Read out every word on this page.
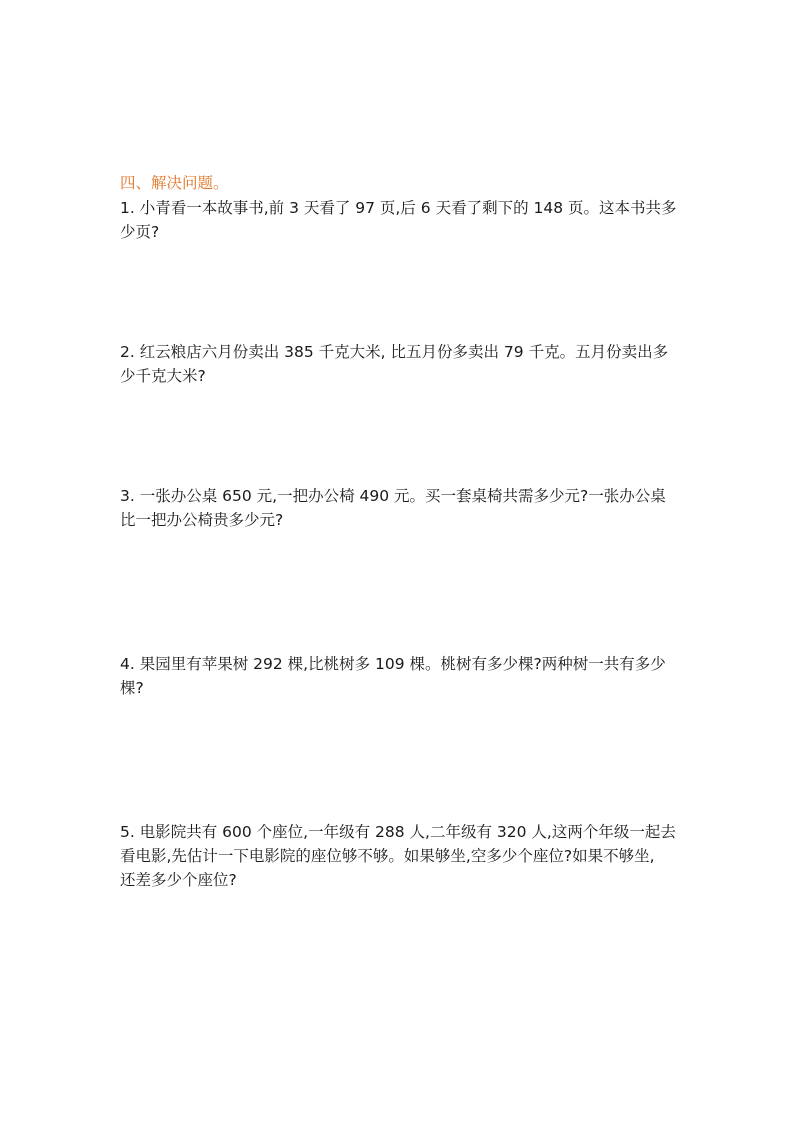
四、解决问题。
1. 小青看一本故事书,前 3 天看了 97 页,后 6 天看了剩下的 148 页。这本书共多
少页?
2. 红云粮店六月份卖出 385 千克大米, 比五月份多卖出 79 千克。五月份卖出多
少千克大米?
3. 一张办公桌 650 元,一把办公椅 490 元。买一套桌椅共需多少元?一张办公桌
比一把办公椅贵多少元?
4. 果园里有苹果树 292 棵,比桃树多 109 棵。桃树有多少棵?两种树一共有多少
棵?
5. 电影院共有 600 个座位,一年级有 288 人,二年级有 320 人,这两个年级一起去
看电影,先估计一下电影院的座位够不够。如果够坐,空多少个座位?如果不够坐,
还差多少个座位?
